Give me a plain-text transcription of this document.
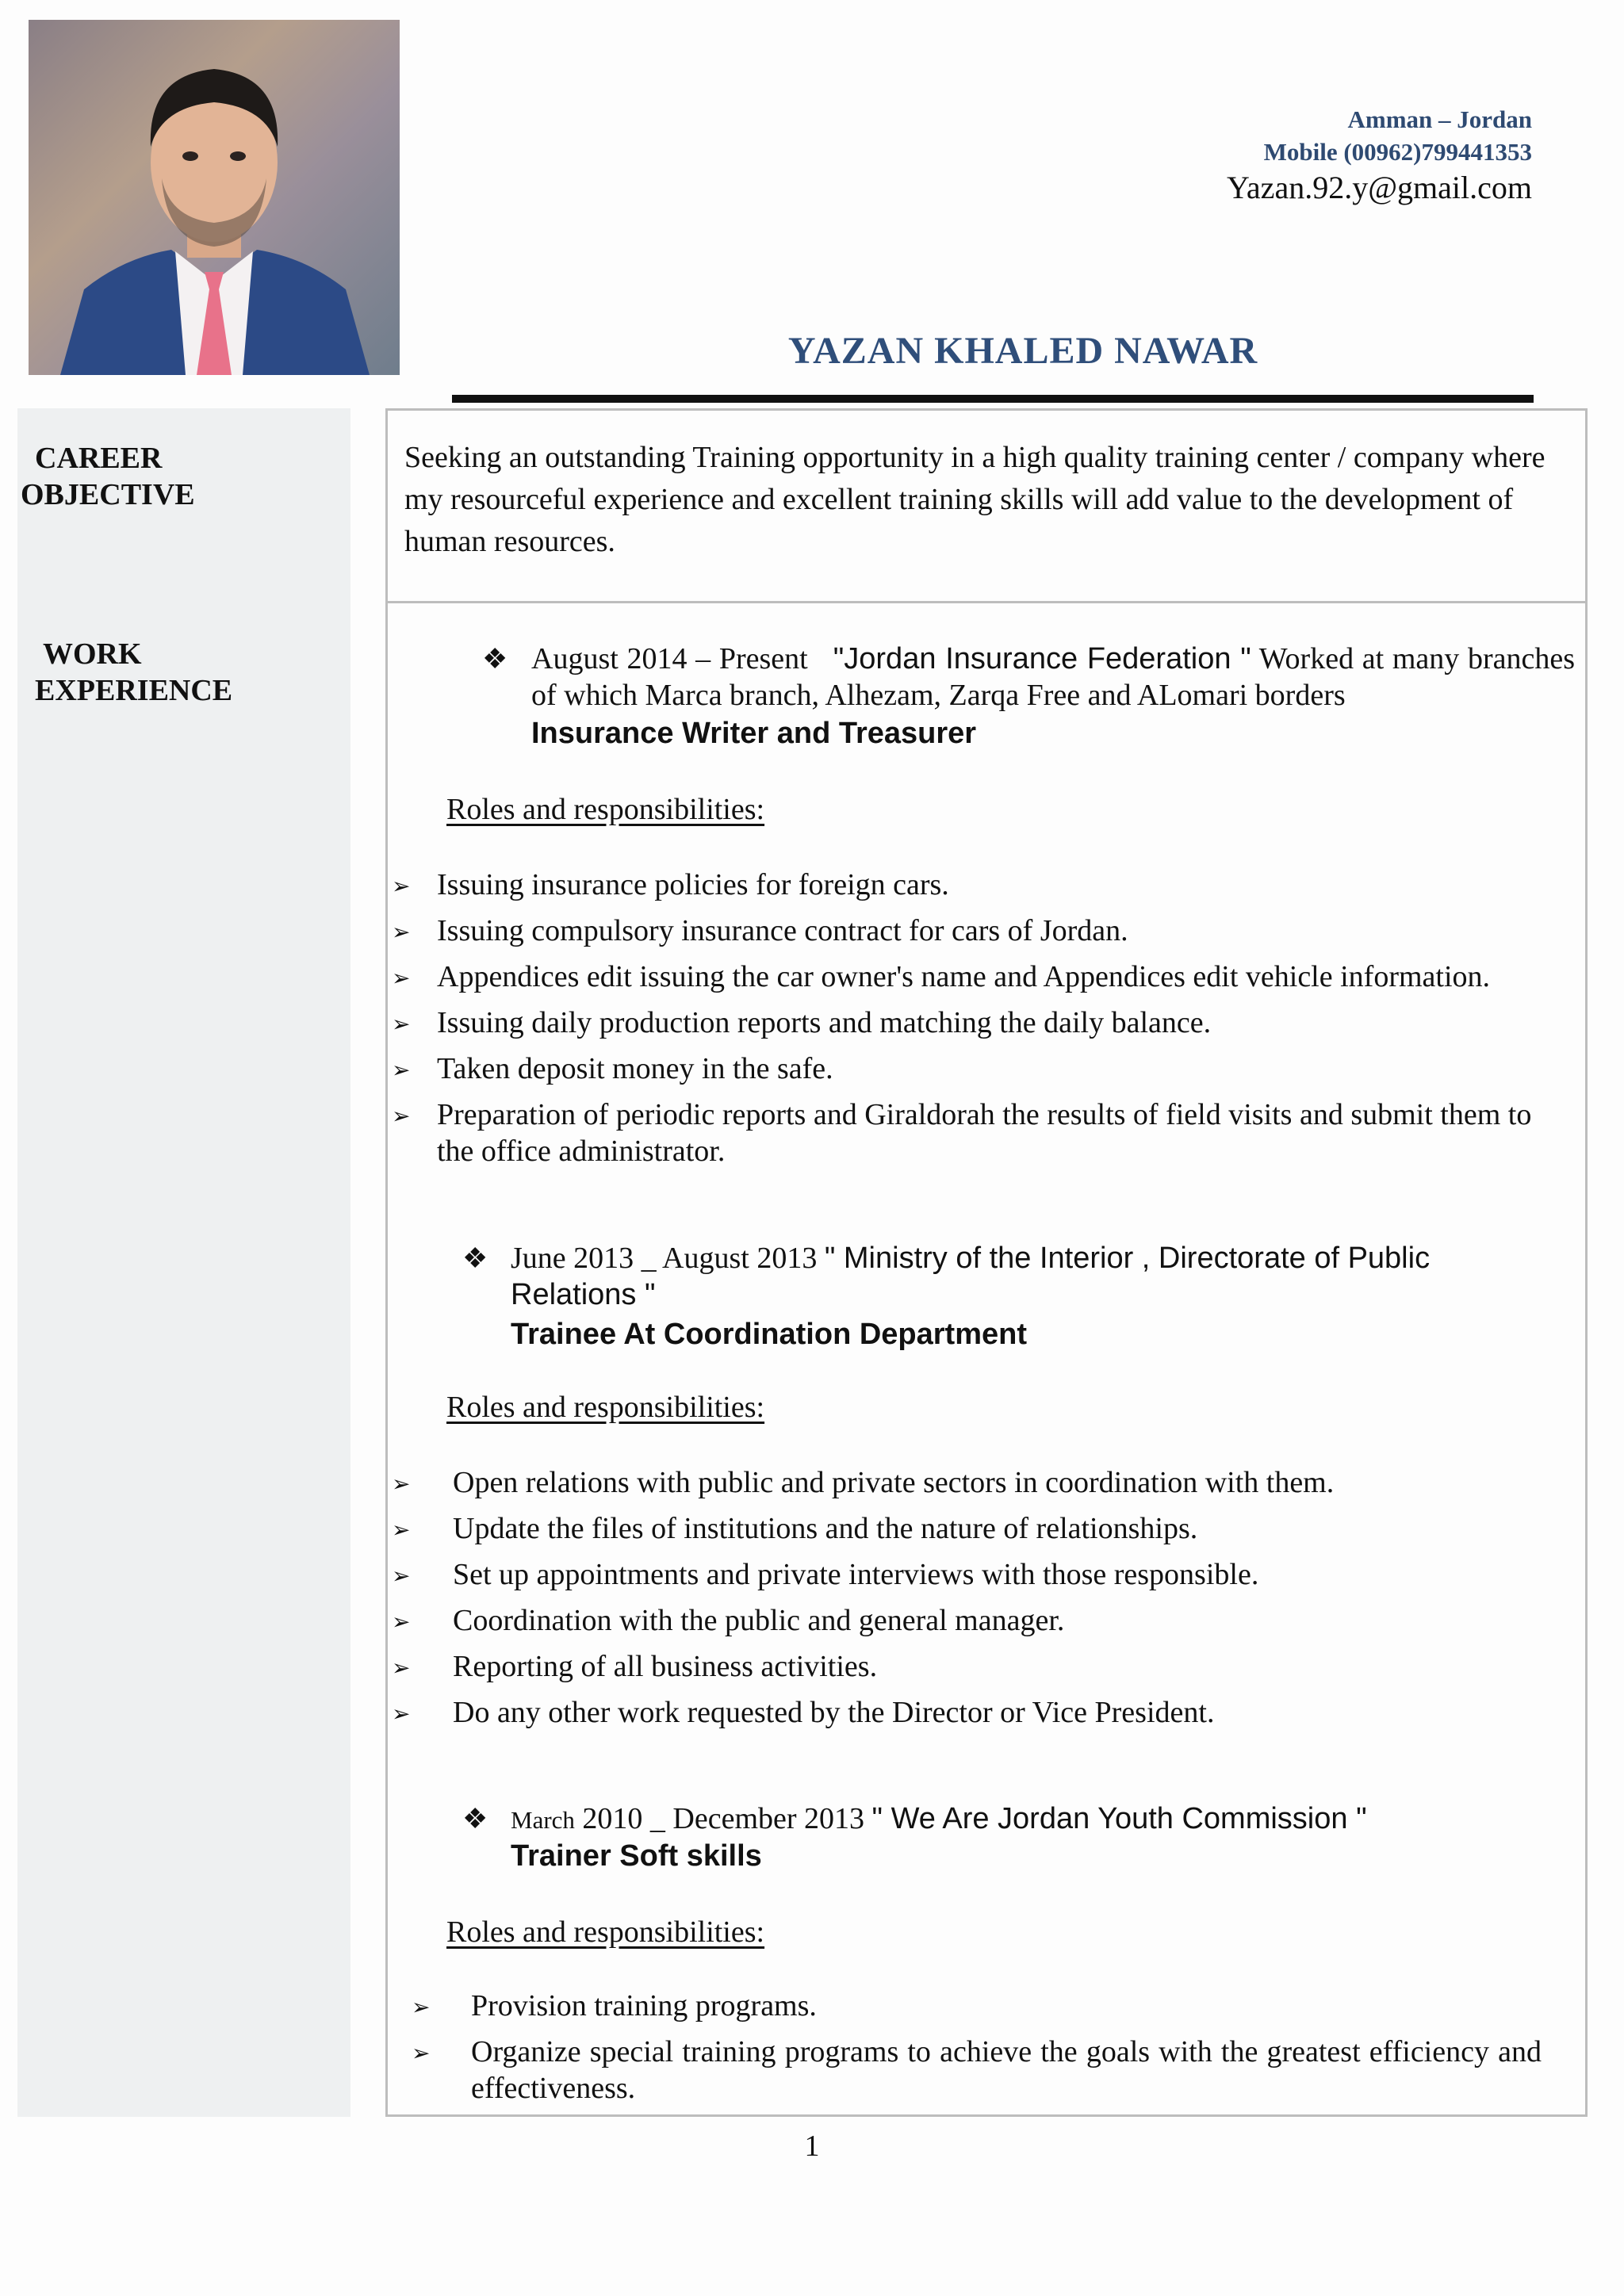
Amman – Jordan
Mobile (00962)799441353
Yazan.92.y@gmail.com
YAZAN KHALED NAWAR
CAREER
OBJECTIVE
WORK
EXPERIENCE
Seeking an outstanding Training opportunity in a high quality training center / company where my resourceful experience and excellent training skills will add value to the development of human resources.
❖ August 2014 – Present "Jordan Insurance Federation " Worked at many branches of which Marca branch, Alhezam, Zarqa Free and ALomari borders
Insurance Writer and Treasurer
Roles and responsibilities:
➢ Issuing insurance policies for foreign cars.
➢ Issuing compulsory insurance contract for cars of Jordan.
➢ Appendices edit issuing the car owner's name and Appendices edit vehicle information.
➢ Issuing daily production reports and matching the daily balance.
➢ Taken deposit money in the safe.
➢ Preparation of periodic reports and Giraldorah the results of field visits and submit them to the office administrator.
❖ June 2013 _ August 2013 " Ministry of the Interior , Directorate of Public Relations "
Trainee At Coordination Department
Roles and responsibilities:
➢ Open relations with public and private sectors in coordination with them.
➢ Update the files of institutions and the nature of relationships.
➢ Set up appointments and private interviews with those responsible.
➢ Coordination with the public and general manager.
➢ Reporting of all business activities.
➢ Do any other work requested by the Director or Vice President.
❖ March 2010 _ December 2013 " We Are Jordan Youth Commission "
Trainer Soft skills
Roles and responsibilities:
➢ Provision training programs.
➢ Organize special training programs to achieve the goals with the greatest efficiency and effectiveness.
1
